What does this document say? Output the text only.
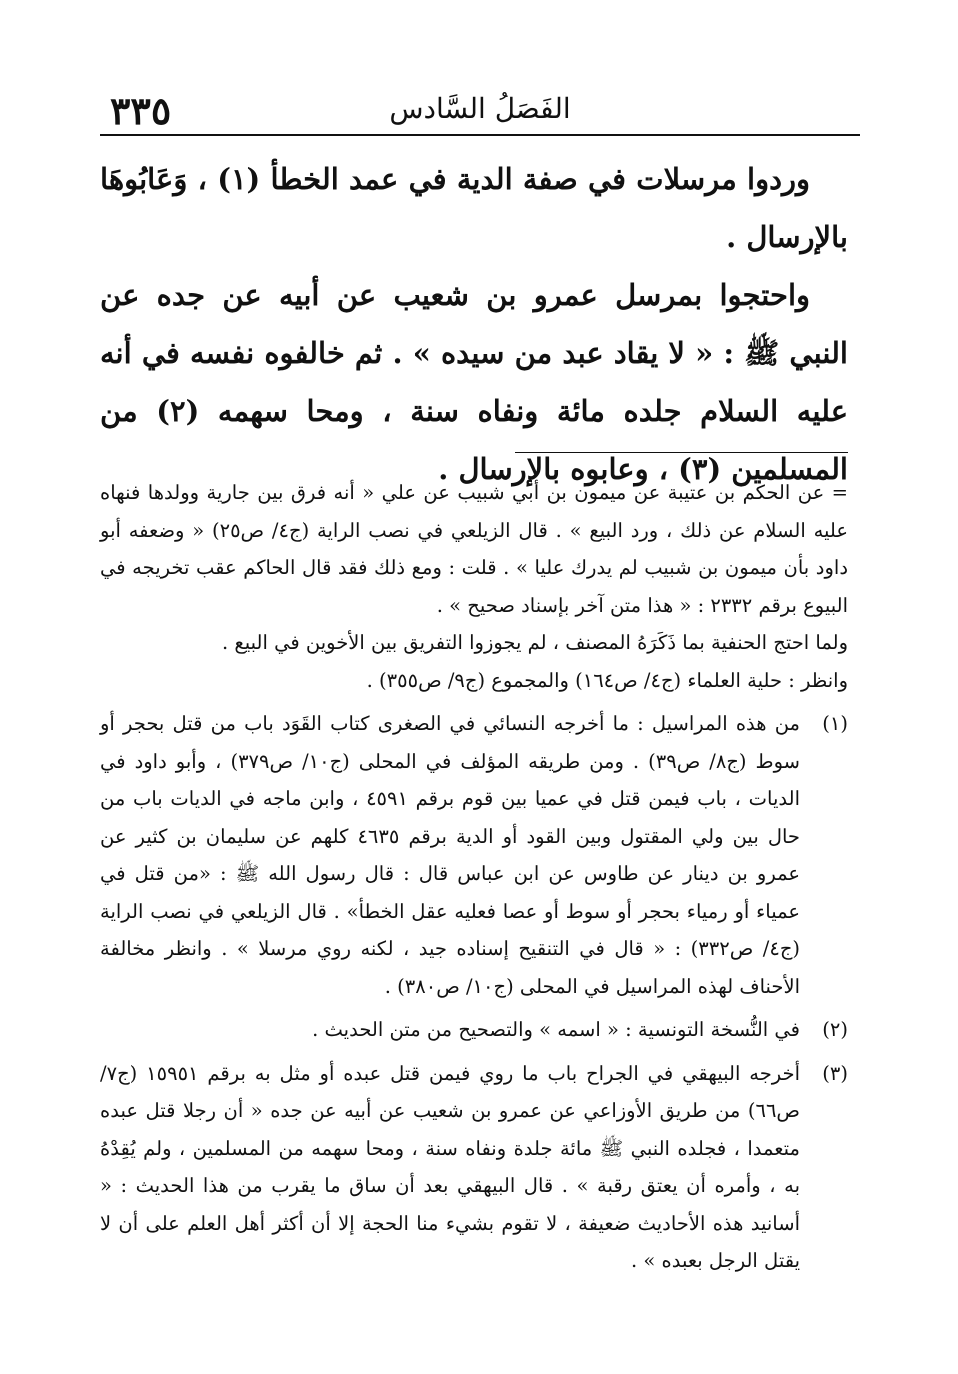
٣٣٥	الفَصَلُ السَّادس

وردوا مرسلات في صفة الدية في عمد الخطأ (١) ، وَعَابُوهَا بالإرسال .

واحتجوا بمرسل عمرو بن شعيب عن أبيه عن جده عن النبي ﷺ : « لا يقاد عبد من سيده » . ثم خالفوه نفسه في أنه عليه السلام جلده مائة ونفاه سنة ، ومحا سهمه (٢) من المسلمين (٣) ، وعابوه بالإرسال .

= عن الحكم بن عتيبة عن ميمون بن أبي شبيب عن علي « أنه فرق بين جارية وولدها فنهاه عليه السلام عن ذلك ، ورد البيع » . قال الزيلعي في نصب الراية (ج٤/ ص٢٥) « وضعفه أبو داود بأن ميمون بن شبيب لم يدرك عليا » . قلت : ومع ذلك فقد قال الحاكم عقب تخريجه في البيوع برقم ٢٣٣٢ : « هذا متن آخر بإسناد صحيح » .

ولما احتج الحنفية بما ذَكَرَهُ المصنف ، لم يجوزوا التفريق بين الأخوين في البيع .

وانظر : حلية العلماء (ج٤/ ص١٦٤) والمجموع (ج٩/ ص٣٥٥) .

(١)
من هذه المراسيل : ما أخرجه النسائي في الصغرى كتاب القَوَد باب من قتل بحجر أو سوط (ج٨/ ص٣٩) . ومن طريقه المؤلف في المحلى (ج١٠/ ص٣٧٩) ، وأبو داود في الديات ، باب فيمن قتل في عميا بين قوم برقم ٤٥٩١ ، وابن ماجه في الديات باب من حال بين ولي المقتول وبين القود أو الدية برقم ٤٦٣٥ كلهم عن سليمان بن كثير عن عمرو بن دينار عن طاوس عن ابن عباس قال : قال رسول الله ﷺ : «من قتل في عمياء أو رمياء بحجر أو سوط أو عصا فعليه عقل الخطأ» . قال الزيلعي في نصب الراية (ج٤/ ص٣٣٢) : « قال في التنقيح إسناده جيد ، لكنه روي مرسلا » . وانظر مخالفة الأحناف لهذه المراسيل في المحلى (ج١٠/ ص٣٨٠) .
(٢)
في النُّسخة التونسية : « اسمه » والتصحيح من متن الحديث .
(٣)
أخرجه البيهقي في الجراح باب ما روي فيمن قتل عبده أو مثل به برقم ١٥٩٥١ (ج٧/ ص٦٦) من طريق الأوزاعي عن عمرو بن شعيب عن أبيه عن جده « أن رجلا قتل عبده متعمدا ، فجلده النبي ﷺ مائة جلدة ونفاه سنة ، ومحا سهمه من المسلمين ، ولم يُقِدْهُ به ، وأمره أن يعتق رقبة » . قال البيهقي بعد أن ساق ما يقرب من هذا الحديث : « أسانيد هذه الأحاديث ضعيفة ، لا تقوم بشيء منا الحجة إلا أن أكثر أهل العلم على أن لا يقتل الرجل بعبده » .
